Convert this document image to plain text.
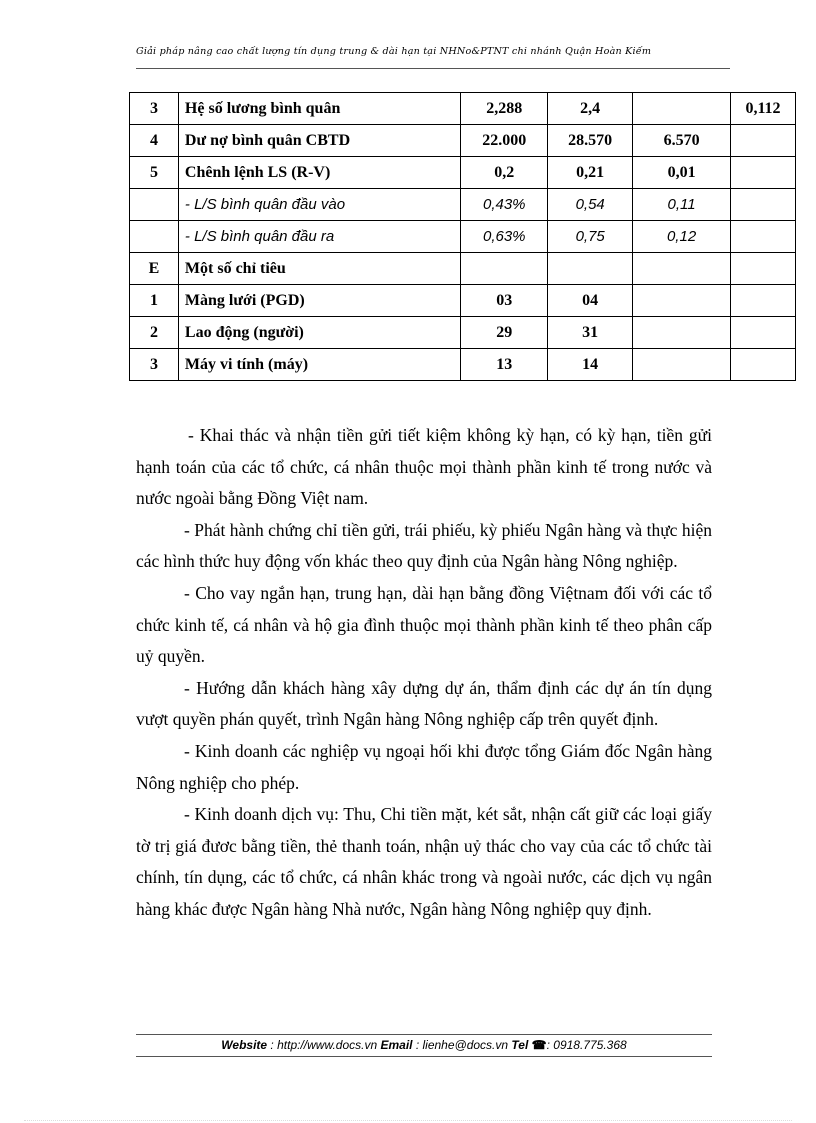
Giải pháp nâng cao chất lượng tín dụng trung & dài hạn tại NHNo&PTNT chi nhánh Quận Hoàn Kiếm
3	Hệ số lương bình quân	2,288	2,4		0,112
4	Dư nợ bình quân CBTD	22.000	28.570	6.570	
5	Chênh lệnh LS (R-V)	0,2	0,21	0,01	
	- L/S bình quân đầu vào	0,43%	0,54	0,11	
	- L/S bình quân đầu ra	0,63%	0,75	0,12	
E	Một số chỉ tiêu				
1	Màng lưới (PGD)	03	04		
2	Lao động (người)	29	31		
3	Máy vi tính (máy)	13	14		

- Khai thác và nhận tiền gửi tiết kiệm không kỳ hạn, có kỳ hạn, tiền gửi hạnh toán của các tổ chức, cá nhân thuộc mọi thành phần kinh tế trong nước và nước ngoài bằng Đồng Việt nam.

- Phát hành chứng chỉ tiền gửi, trái phiếu, kỳ phiếu Ngân hàng và thực hiện các hình thức huy động vốn khác theo quy định của Ngân hàng Nông nghiệp.

- Cho vay ngắn hạn, trung hạn, dài hạn bằng đồng Việtnam đối với các tổ chức kinh tế, cá nhân và hộ gia đình thuộc mọi thành phần kinh tế theo phân cấp uỷ quyền.

- Hướng dẫn khách hàng xây dựng dự án, thẩm định các dự án tín dụng vượt quyền phán quyết, trình Ngân hàng Nông nghiệp cấp trên quyết định.

- Kinh doanh các nghiệp vụ ngoại hối khi được tổng Giám đốc Ngân hàng Nông nghiệp cho phép.

- Kinh doanh dịch vụ: Thu, Chi tiền mặt, két sắt, nhận cất giữ các loại giấy tờ trị giá đươc bằng tiền, thẻ thanh toán, nhận uỷ thác cho vay của các tổ chức tài chính, tín dụng, các tổ chức, cá nhân khác trong và ngoài nước, các dịch vụ ngân hàng khác được Ngân hàng Nhà nước, Ngân hàng Nông nghiệp quy định.

Website : http://www.docs.vn Email : lienhe@docs.vn Tel ☎: 0918.775.368
